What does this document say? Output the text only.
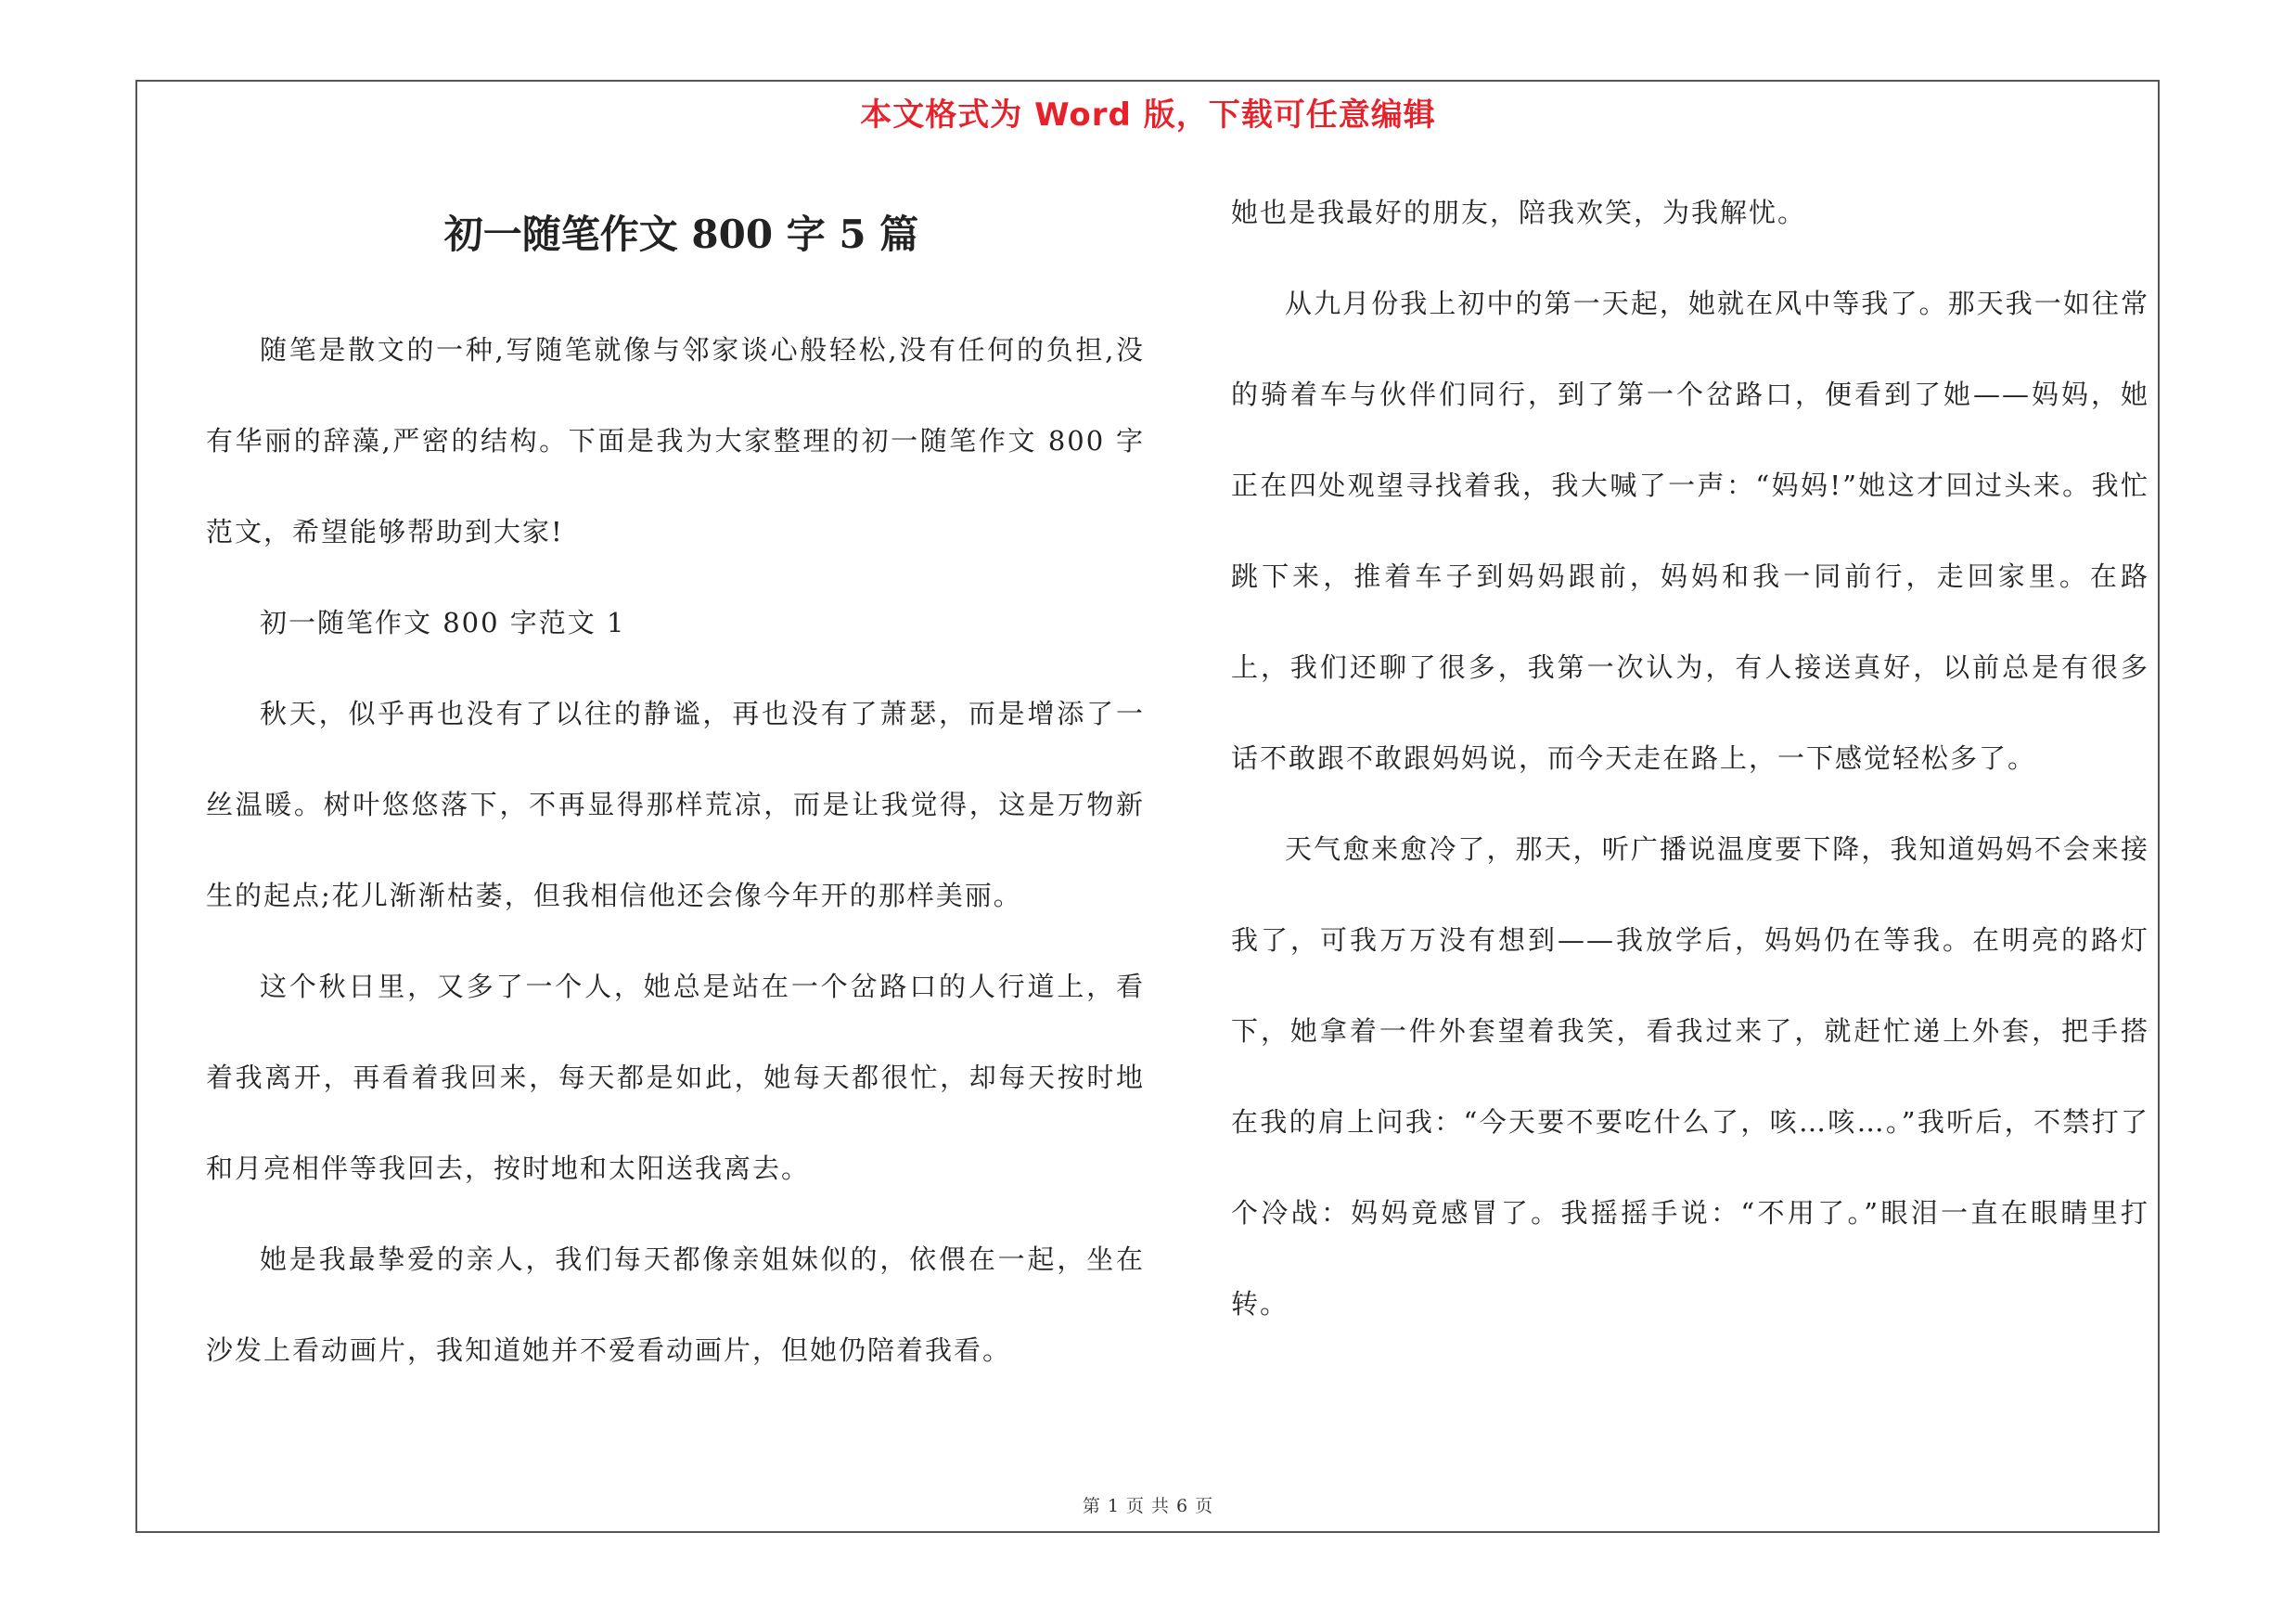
本文格式为 Word 版，下载可任意编辑
初一随笔作文 800 字 5 篇

随笔是散文的一种,写随笔就像与邻家谈心般轻松,没有任何的负担,没有华丽的辞藻,严密的结构。下面是我为大家整理的初一随笔作文 800 字范文，希望能够帮助到大家!

初一随笔作文 800 字范文 1

秋天，似乎再也没有了以往的静谧，再也没有了萧瑟，而是增添了一丝温暖。树叶悠悠落下，不再显得那样荒凉，而是让我觉得，这是万物新生的起点;花儿渐渐枯萎，但我相信他还会像今年开的那样美丽。

这个秋日里，又多了一个人，她总是站在一个岔路口的人行道上，看着我离开，再看着我回来，每天都是如此，她每天都很忙，却每天按时地和月亮相伴等我回去，按时地和太阳送我离去。

她是我最挚爱的亲人，我们每天都像亲姐妹似的，依偎在一起，坐在沙发上看动画片，我知道她并不爱看动画片，但她仍陪着我看。

她也是我最好的朋友，陪我欢笑，为我解忧。

从九月份我上初中的第一天起，她就在风中等我了。那天我一如往常的骑着车与伙伴们同行，到了第一个岔路口，便看到了她——妈妈，她正在四处观望寻找着我，我大喊了一声：“妈妈!”她这才回过头来。我忙跳下来，推着车子到妈妈跟前，妈妈和我一同前行，走回家里。在路上，我们还聊了很多，我第一次认为，有人接送真好，以前总是有很多话不敢跟不敢跟妈妈说，而今天走在路上，一下感觉轻松多了。

天气愈来愈冷了，那天，听广播说温度要下降，我知道妈妈不会来接我了，可我万万没有想到——我放学后，妈妈仍在等我。在明亮的路灯下，她拿着一件外套望着我笑，看我过来了，就赶忙递上外套，把手搭在我的肩上问我：“今天要不要吃什么了，咳…咳…。”我听后，不禁打了个冷战：妈妈竟感冒了。我摇摇手说：“不用了。”眼泪一直在眼睛里打转。

第 1 页 共 6 页
